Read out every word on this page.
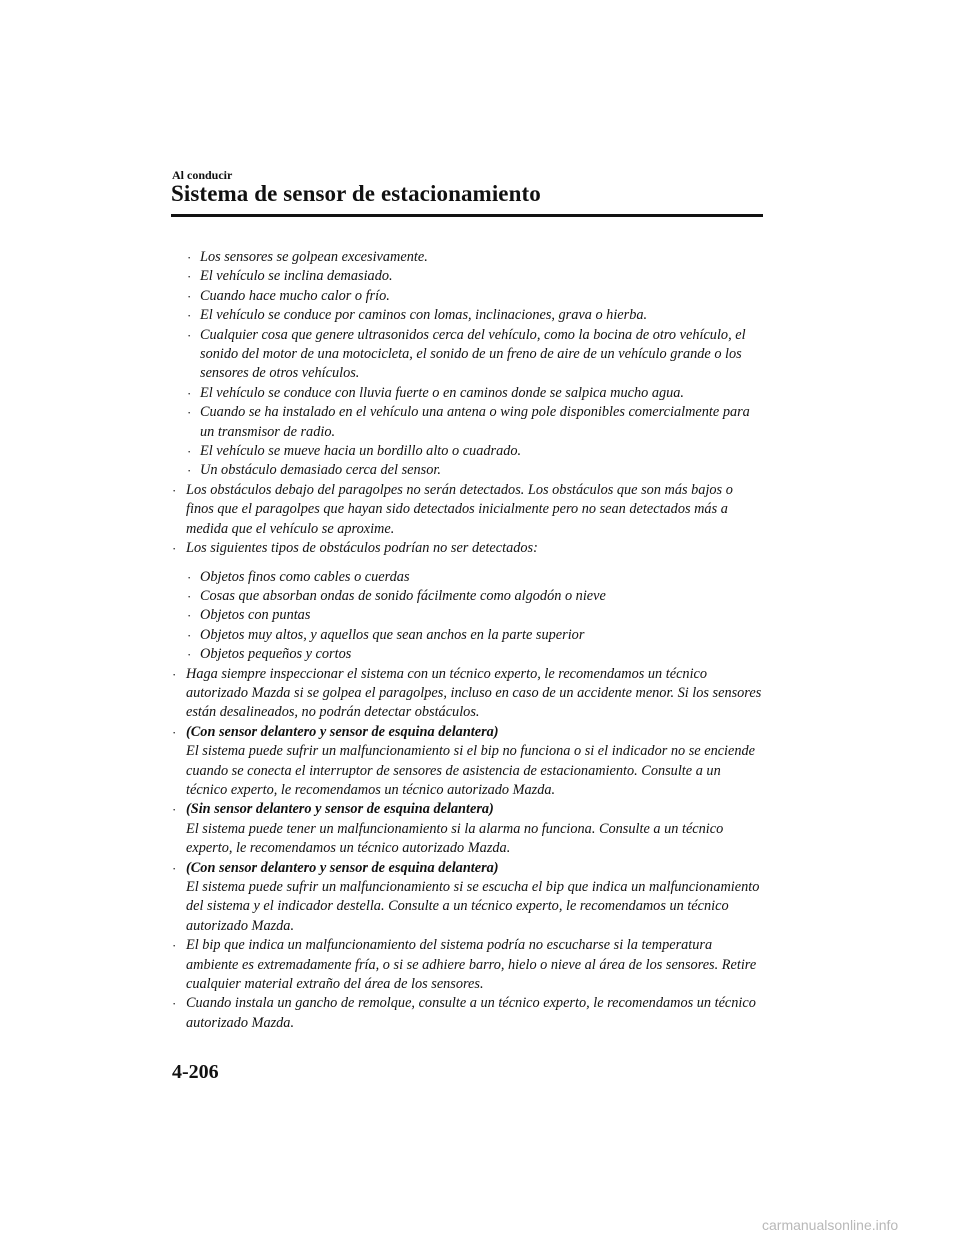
Al conducir
Sistema de sensor de estacionamiento
· Los sensores se golpean excesivamente.
· El vehículo se inclina demasiado.
· Cuando hace mucho calor o frío.
· El vehículo se conduce por caminos con lomas, inclinaciones, grava o hierba.
· Cualquier cosa que genere ultrasonidos cerca del vehículo, como la bocina de otro vehículo, el sonido del motor de una motocicleta, el sonido de un freno de aire de un vehículo grande o los sensores de otros vehículos.
· El vehículo se conduce con lluvia fuerte o en caminos donde se salpica mucho agua.
· Cuando se ha instalado en el vehículo una antena o wing pole disponibles comercialmente para un transmisor de radio.
· El vehículo se mueve hacia un bordillo alto o cuadrado.
· Un obstáculo demasiado cerca del sensor.
· Los obstáculos debajo del paragolpes no serán detectados. Los obstáculos que son más bajos o finos que el paragolpes que hayan sido detectados inicialmente pero no sean detectados más a medida que el vehículo se aproxime.
· Los siguientes tipos de obstáculos podrían no ser detectados:
· Objetos finos como cables o cuerdas
· Cosas que absorban ondas de sonido fácilmente como algodón o nieve
· Objetos con puntas
· Objetos muy altos, y aquellos que sean anchos en la parte superior
· Objetos pequeños y cortos
· Haga siempre inspeccionar el sistema con un técnico experto, le recomendamos un técnico autorizado Mazda si se golpea el paragolpes, incluso en caso de un accidente menor. Si los sensores están desalineados, no podrán detectar obstáculos.
· (Con sensor delantero y sensor de esquina delantera)
El sistema puede sufrir un malfuncionamiento si el bip no funciona o si el indicador no se enciende cuando se conecta el interruptor de sensores de asistencia de estacionamiento. Consulte a un técnico experto, le recomendamos un técnico autorizado Mazda.
· (Sin sensor delantero y sensor de esquina delantera)
El sistema puede tener un malfuncionamiento si la alarma no funciona. Consulte a un técnico experto, le recomendamos un técnico autorizado Mazda.
· (Con sensor delantero y sensor de esquina delantera)
El sistema puede sufrir un malfuncionamiento si se escucha el bip que indica un malfuncionamiento del sistema y el indicador destella. Consulte a un técnico experto, le recomendamos un técnico autorizado Mazda.
· El bip que indica un malfuncionamiento del sistema podría no escucharse si la temperatura ambiente es extremadamente fría, o si se adhiere barro, hielo o nieve al área de los sensores. Retire cualquier material extraño del área de los sensores.
· Cuando instala un gancho de remolque, consulte a un técnico experto, le recomendamos un técnico autorizado Mazda.
4-206
carmanualsonline.info
